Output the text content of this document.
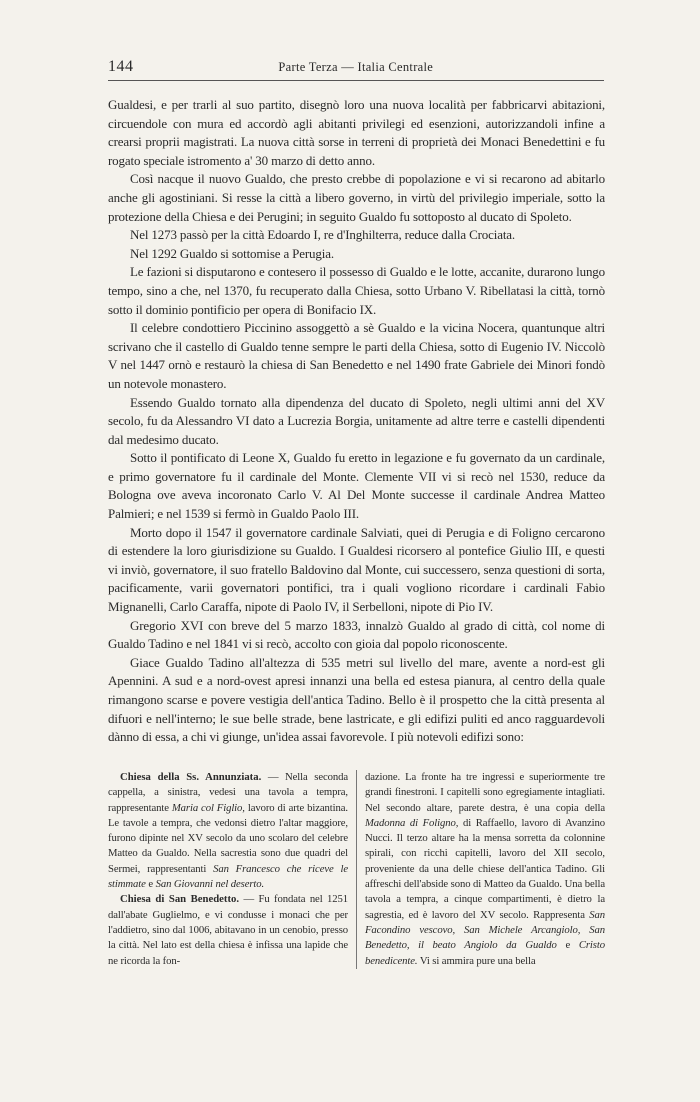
144	Parte Terza — Italia Centrale

Gualdesi, e per trarli al suo partito, disegnò loro una nuova località per fabbricarvi abitazioni, circuendole con mura ed accordò agli abitanti privilegi ed esenzioni, autorizzandoli infine a crearsi proprii magistrati. La nuova città sorse in terreni di proprietà dei Monaci Benedettini e fu rogato speciale istromento a' 30 marzo di detto anno.

Così nacque il nuovo Gualdo, che presto crebbe di popolazione e vi si recarono ad abitarlo anche gli agostiniani. Si resse la città a libero governo, in virtù del privilegio imperiale, sotto la protezione della Chiesa e dei Perugini; in seguito Gualdo fu sottoposto al ducato di Spoleto.

Nel 1273 passò per la città Edoardo I, re d'Inghilterra, reduce dalla Crociata.

Nel 1292 Gualdo si sottomise a Perugia.

Le fazioni si disputarono e contesero il possesso di Gualdo e le lotte, accanite, durarono lungo tempo, sino a che, nel 1370, fu recuperato dalla Chiesa, sotto Urbano V. Ribellatasi la città, tornò sotto il dominio pontificio per opera di Bonifacio IX.

Il celebre condottiero Piccinino assoggettò a sè Gualdo e la vicina Nocera, quantunque altri scrivano che il castello di Gualdo tenne sempre le parti della Chiesa, sotto di Eugenio IV. Niccolò V nel 1447 ornò e restaurò la chiesa di San Benedetto e nel 1490 frate Gabriele dei Minori fondò un notevole monastero.

Essendo Gualdo tornato alla dipendenza del ducato di Spoleto, negli ultimi anni del XV secolo, fu da Alessandro VI dato a Lucrezia Borgia, unitamente ad altre terre e castelli dipendenti dal medesimo ducato.

Sotto il pontificato di Leone X, Gualdo fu eretto in legazione e fu governato da un cardinale, e primo governatore fu il cardinale del Monte. Clemente VII vi si recò nel 1530, reduce da Bologna ove aveva incoronato Carlo V. Al Del Monte successe il cardinale Andrea Matteo Palmieri; e nel 1539 si fermò in Gualdo Paolo III.

Morto dopo il 1547 il governatore cardinale Salviati, quei di Perugia e di Foligno cercarono di estendere la loro giurisdizione su Gualdo. I Gualdesi ricorsero al pontefice Giulio III, e questi vi inviò, governatore, il suo fratello Baldovino dal Monte, cui successero, senza questioni di sorta, pacificamente, varii governatori pontifici, tra i quali vogliono ricordare i cardinali Fabio Mignanelli, Carlo Caraffa, nipote di Paolo IV, il Serbelloni, nipote di Pio IV.

Gregorio XVI con breve del 5 marzo 1833, innalzò Gualdo al grado di città, col nome di Gualdo Tadino e nel 1841 vi si recò, accolto con gioia dal popolo riconoscente.

Giace Gualdo Tadino all'altezza di 535 metri sul livello del mare, avente a nord-est gli Apennini. A sud e a nord-ovest apresi innanzi una bella ed estesa pianura, al centro della quale rimangono scarse e povere vestigia dell'antica Tadino. Bello è il prospetto che la città presenta al difuori e nell'interno; le sue belle strade, bene lastricate, e gli edifizi puliti ed anco ragguardevoli dànno di essa, a chi vi giunge, un'idea assai favorevole. I più notevoli edifizi sono:

Chiesa della Ss. Annunziata. — Nella seconda cappella, a sinistra, vedesi una tavola a tempra, rappresentante Maria col Figlio, lavoro di arte bizantina. Le tavole a tempra, che vedonsi dietro l'altar maggiore, furono dipinte nel XV secolo da uno scolaro del celebre Matteo da Gualdo. Nella sacrestia sono due quadri del Sermei, rappresentanti San Francesco che riceve le stimmate e San Giovanni nel deserto.

Chiesa di San Benedetto. — Fu fondata nel 1251 dall'abate Guglielmo, e vi condusse i monaci che per l'addietro, sino dal 1006, abitavano in un cenobio, presso la città. Nel lato est della chiesa è infissa una lapide che ne ricorda la fon-

dazione. La fronte ha tre ingressi e superiormente tre grandi finestroni. I capitelli sono egregiamente intagliati. Nel secondo altare, parete destra, è una copia della Madonna di Foligno, di Raffaello, lavoro di Avanzino Nucci. Il terzo altare ha la mensa sorretta da colonnine spirali, con ricchi capitelli, lavoro del XII secolo, proveniente da una delle chiese dell'antica Tadino. Gli affreschi dell'abside sono di Matteo da Gualdo. Una bella tavola a tempra, a cinque compartimenti, è dietro la sagrestia, ed è lavoro del XV secolo. Rappresenta San Facondino vescovo, San Michele Arcangiolo, San Benedetto, il beato Angiolo da Gualdo e Cristo benedicente. Vi si ammira pure una bella
